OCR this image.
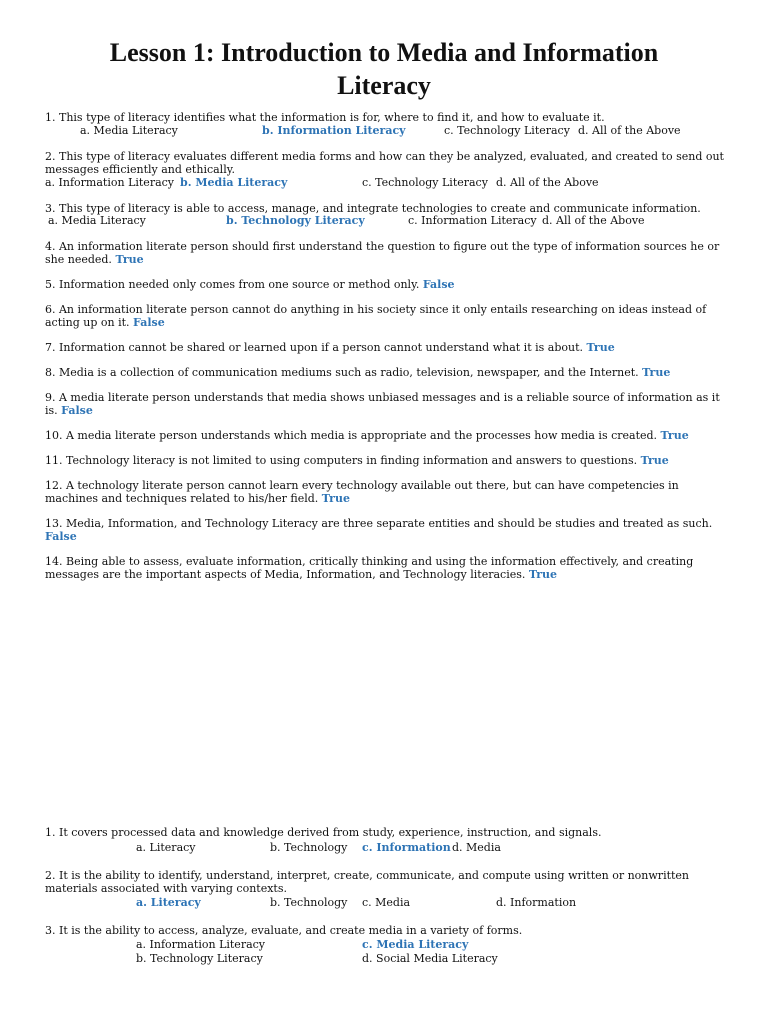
Lesson 1: Introduction to Media and Information
Literacy
1. This type of literacy identifies what the information is for, where to find it, and how to evaluate it.
a. Media Literacy	b. Information Literacy	c. Technology Literacy d. All of the Above
2. This type of literacy evaluates different media forms and how can they be analyzed, evaluated, and created to send out messages efficiently and ethically.
a. Information Literacy b. Media Literacy	c. Technology Literacy d. All of the Above
3. This type of literacy is able to access, manage, and integrate technologies to create and communicate information.
a. Media Literacy	b. Technology Literacy	c. Information Literacy d. All of the Above
4. An information literate person should first understand the question to figure out the type of information sources he or she needed. True
5. Information needed only comes from one source or method only. False
6. An information literate person cannot do anything in his society since it only entails researching on ideas instead of acting up on it. False
7. Information cannot be shared or learned upon if a person cannot understand what it is about. True
8. Media is a collection of communication mediums such as radio, television, newspaper, and the Internet. True
9. A media literate person understands that media shows unbiased messages and is a reliable source of information as it is. False
10. A media literate person understands which media is appropriate and the processes how media is created. True
11. Technology literacy is not limited to using computers in finding information and answers to questions. True
12. A technology literate person cannot learn every technology available out there, but can have competencies in machines and techniques related to his/her field. True
13. Media, Information, and Technology Literacy are three separate entities and should be studies and treated as such. False
14. Being able to assess, evaluate information, critically thinking and using the information effectively, and creating messages are the important aspects of Media, Information, and Technology literacies. True
1. It covers processed data and knowledge derived from study, experience, instruction, and signals.
a. Literacy	b. Technology c. Information d. Media
2. It is the ability to identify, understand, interpret, create, communicate, and compute using written or nonwritten materials associated with varying contexts.
a. Literacy	b. Technology c. Media	d. Information
3. It is the ability to access, analyze, evaluate, and create media in a variety of forms.
a. Information Literacy	c. Media Literacy
b. Technology Literacy	d. Social Media Literacy
